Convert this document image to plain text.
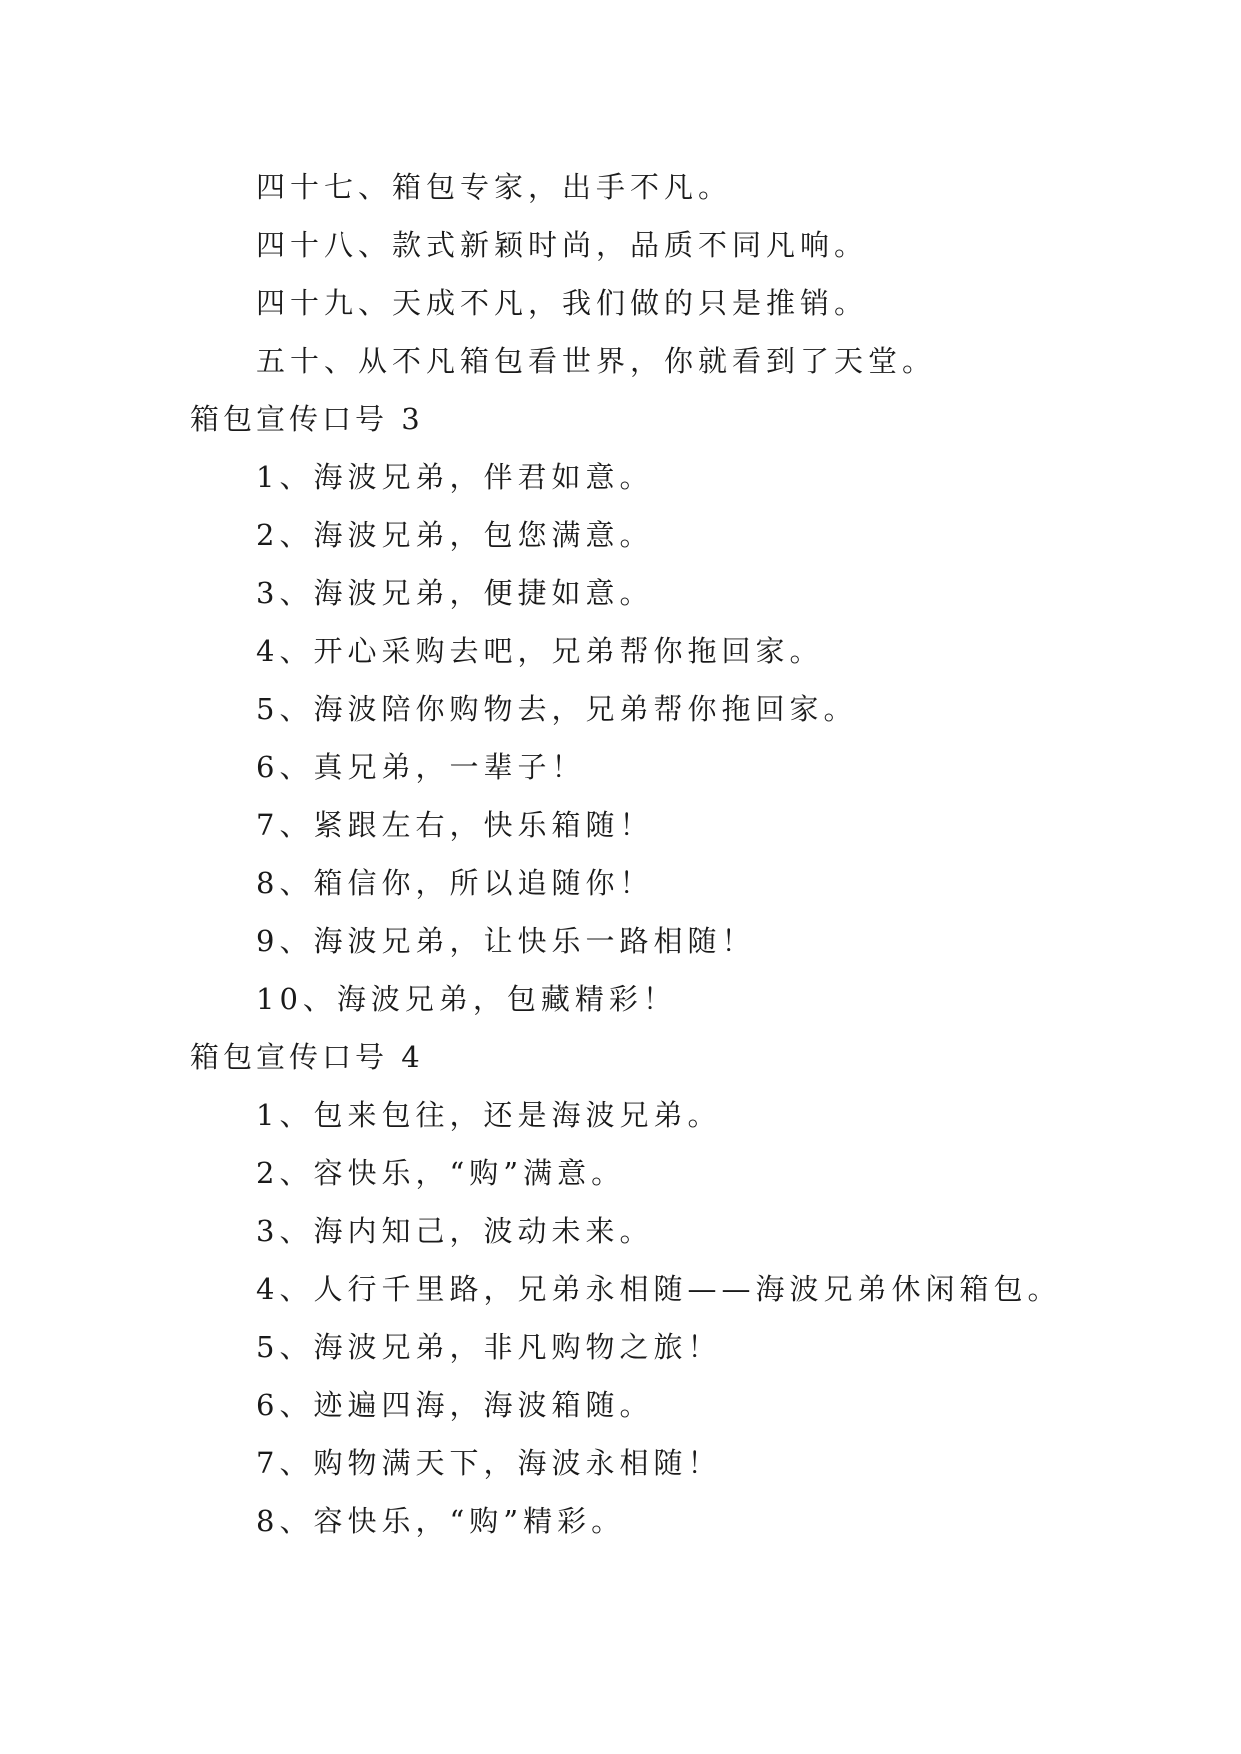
四十七、箱包专家，出手不凡。
四十八、款式新颖时尚，品质不同凡响。
四十九、天成不凡，我们做的只是推销。
五十、从不凡箱包看世界，你就看到了天堂。
箱包宣传口号 3
1、海波兄弟，伴君如意。
2、海波兄弟，包您满意。
3、海波兄弟，便捷如意。
4、开心采购去吧，兄弟帮你拖回家。
5、海波陪你购物去，兄弟帮你拖回家。
6、真兄弟，一辈子！
7、紧跟左右，快乐箱随！
8、箱信你，所以追随你！
9、海波兄弟，让快乐一路相随！
10、海波兄弟，包藏精彩！
箱包宣传口号 4
1、包来包往，还是海波兄弟。
2、容快乐，“购”满意。
3、海内知己，波动未来。
4、人行千里路，兄弟永相随——海波兄弟休闲箱包。
5、海波兄弟，非凡购物之旅！
6、迹遍四海，海波箱随。
7、购物满天下，海波永相随！
8、容快乐，“购”精彩。
